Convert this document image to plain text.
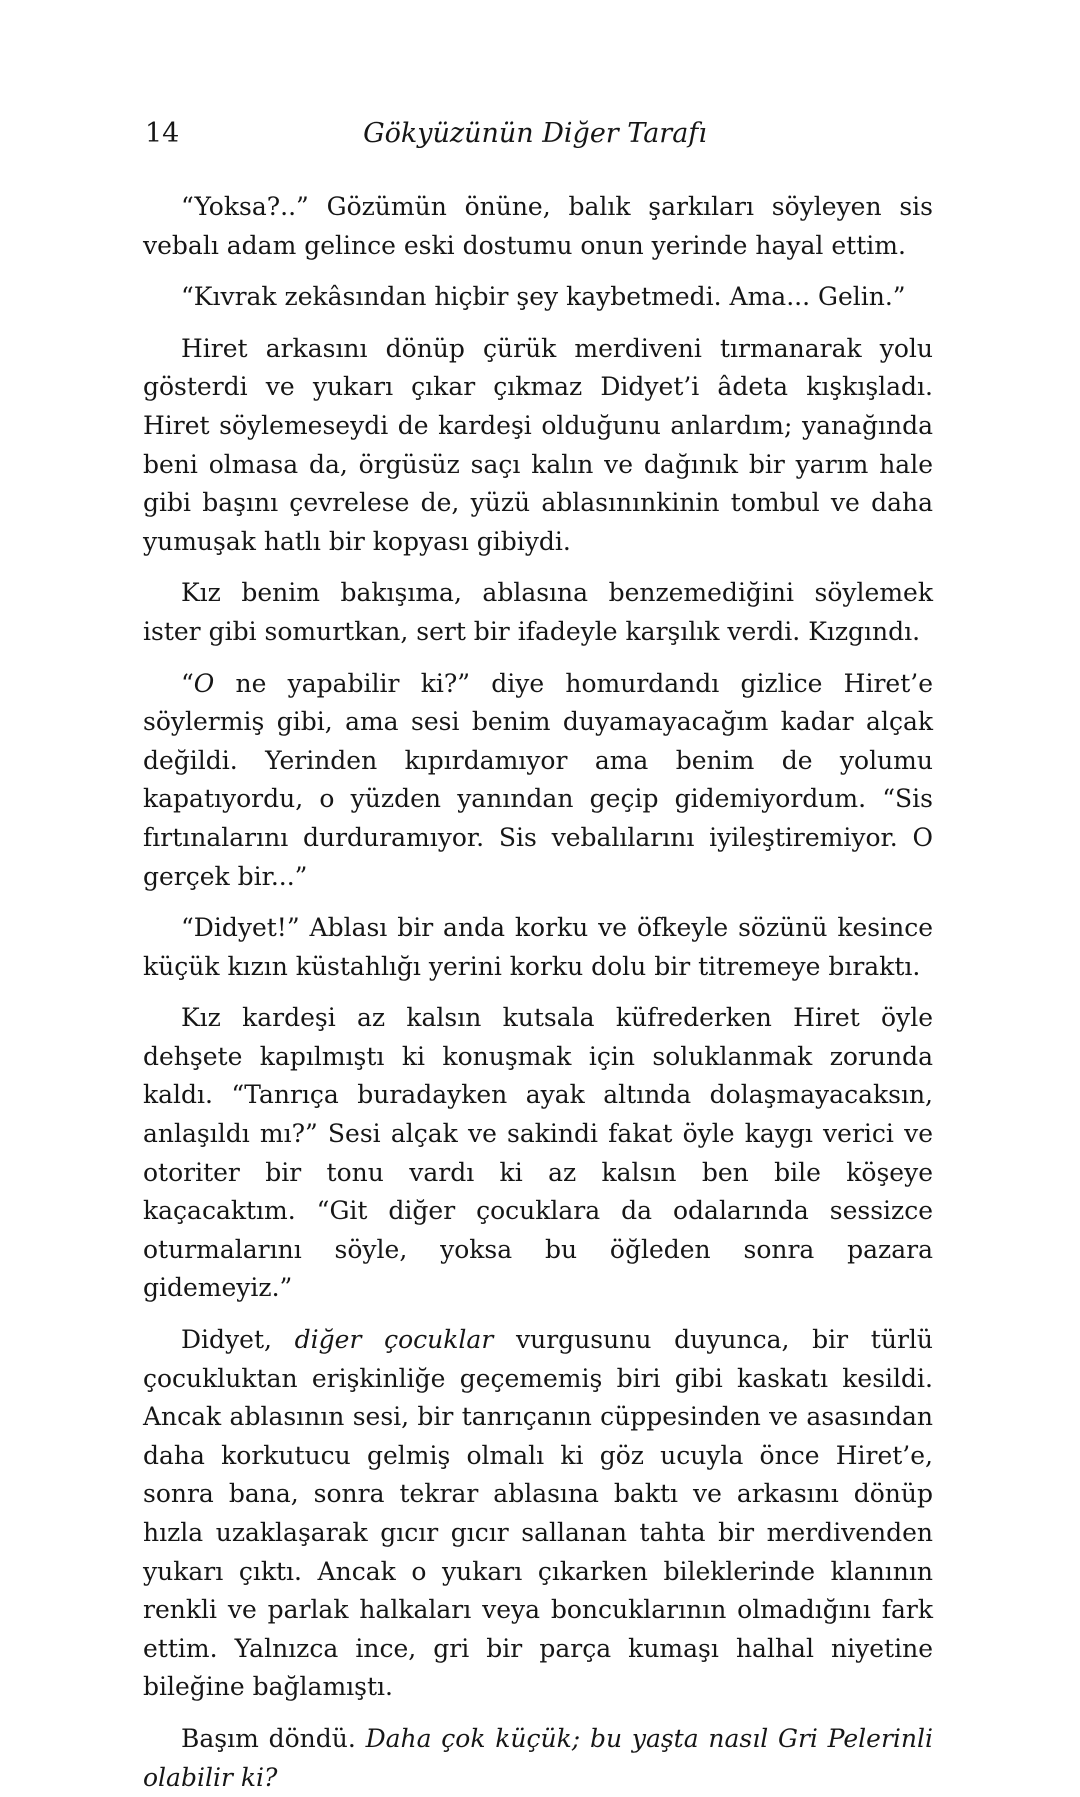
14	Gökyüzünün Diğer Tarafı

“Yoksa?..” Gözümün önüne, balık şarkıları söyleyen sis vebalı adam gelince eski dostumu onun yerinde hayal ettim.

“Kıvrak zekâsından hiçbir şey kaybetmedi. Ama... Gelin.”

Hiret arkasını dönüp çürük merdiveni tırmanarak yolu gösterdi ve yukarı çıkar çıkmaz Didyet’i âdeta kışkışladı. Hiret söylemeseydi de kardeşi olduğunu anlardım; yanağında beni olmasa da, örgüsüz saçı kalın ve dağınık bir yarım hale gibi başını çevrelese de, yüzü ablasınınkinin tombul ve daha yumuşak hatlı bir kopyası gibiydi.

Kız benim bakışıma, ablasına benzemediğini söylemek ister gibi somurtkan, sert bir ifadeyle karşılık verdi. Kızgındı.

“O ne yapabilir ki?” diye homurdandı gizlice Hiret’e söylermiş gibi, ama sesi benim duyamayacağım kadar alçak değildi. Yerinden kıpırdamıyor ama benim de yolumu kapatıyordu, o yüzden yanından geçip gidemiyordum. “Sis fırtınalarını durduramıyor. Sis vebalılarını iyileştiremiyor. O gerçek bir...”

“Didyet!” Ablası bir anda korku ve öfkeyle sözünü kesince küçük kızın küstahlığı yerini korku dolu bir titremeye bıraktı.

Kız kardeşi az kalsın kutsala küfrederken Hiret öyle dehşete kapılmıştı ki konuşmak için soluklanmak zorunda kaldı. “Tanrıça buradayken ayak altında dolaşmayacaksın, anlaşıldı mı?” Sesi alçak ve sakindi fakat öyle kaygı verici ve otoriter bir tonu vardı ki az kalsın ben bile köşeye kaçacaktım. “Git diğer çocuklara da odalarında sessizce oturmalarını söyle, yoksa bu öğleden sonra pazara gidemeyiz.”

Didyet, diğer çocuklar vurgusunu duyunca, bir türlü çocukluktan erişkinliğe geçememiş biri gibi kaskatı kesildi. Ancak ablasının sesi, bir tanrıçanın cüppesinden ve asasından daha korkutucu gelmiş olmalı ki göz ucuyla önce Hiret’e, sonra bana, sonra tekrar ablasına baktı ve arkasını dönüp hızla uzaklaşarak gıcır gıcır sallanan tahta bir merdivenden yukarı çıktı. Ancak o yukarı çıkarken bileklerinde klanının renkli ve parlak halkaları veya boncuklarının olmadığını fark ettim. Yalnızca ince, gri bir parça kumaşı halhal niyetine bileğine bağlamıştı.

Başım döndü. Daha çok küçük; bu yaşta nasıl Gri Pelerinli olabilir ki?
